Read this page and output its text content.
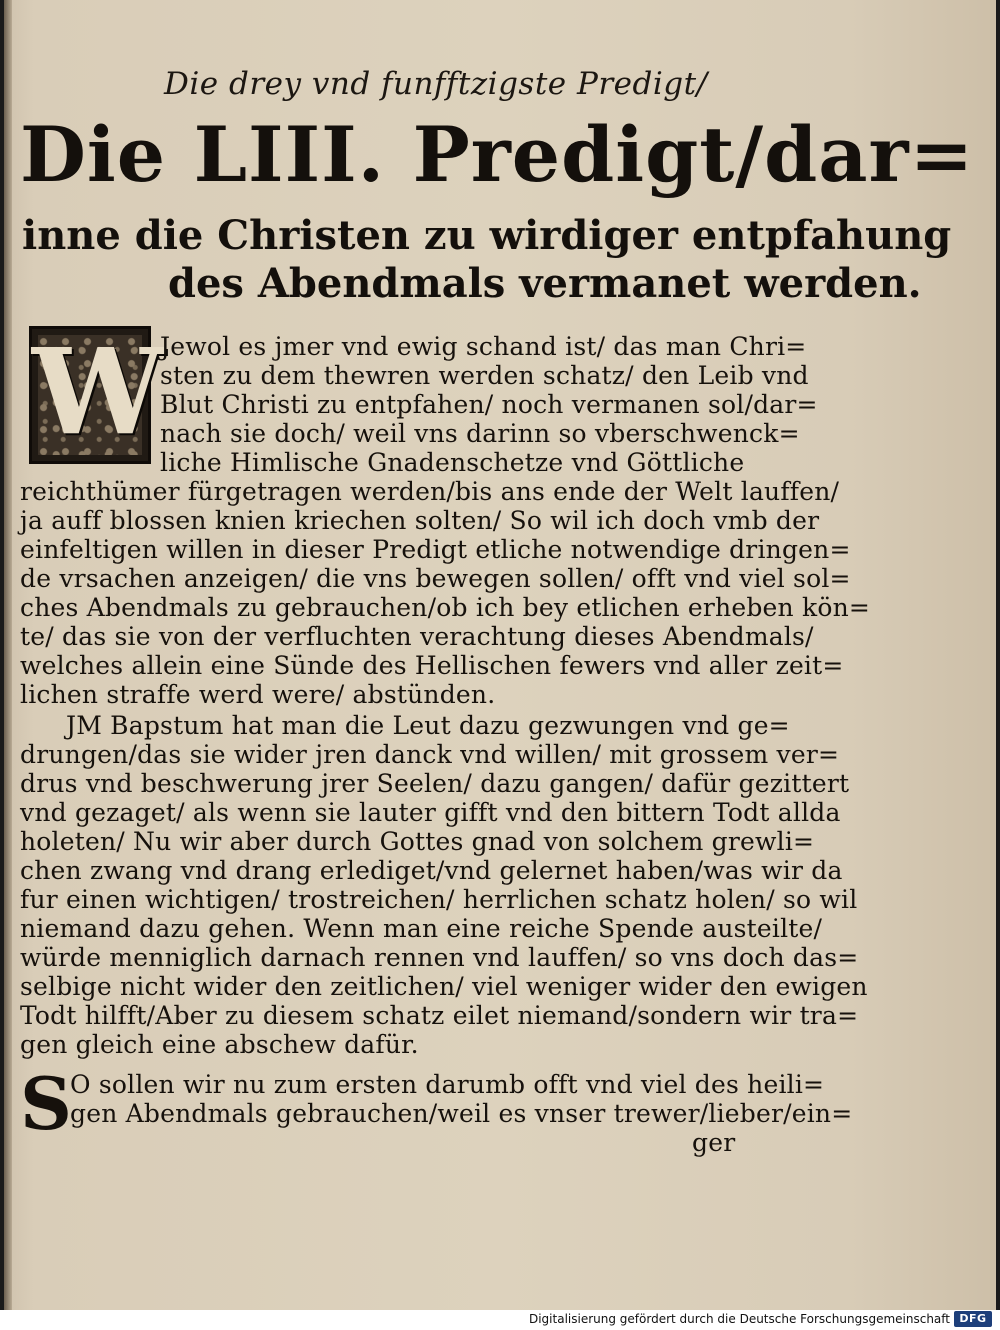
Die drey vnd funfftzigste Predigt/
Die LIII. Predigt/dar=
inne die Christen zu wirdiger entpfahung
des Abendmals vermanet werden.
W
Jewol es jmer vnd ewig schand ist/ das man Chri=
sten zu dem thewren werden schatz/ den Leib vnd
Blut Christi zu entpfahen/ noch vermanen sol/dar=
nach sie doch/ weil vns darinn so vberschwenck=
liche Himlische Gnadenschetze vnd Göttliche
reichthümer fürgetragen werden/bis ans ende der Welt lauffen/
ja auff blossen knien kriechen solten/ So wil ich doch vmb der
einfeltigen willen in dieser Predigt etliche notwendige dringen=
de vrsachen anzeigen/ die vns bewegen sollen/ offt vnd viel sol=
ches Abendmals zu gebrauchen/ob ich bey etlichen erheben kön=
te/ das sie von der verfluchten verachtung dieses Abendmals/
welches allein eine Sünde des Hellischen fewers vnd aller zeit=
lichen straffe werd were/ abstünden.
JM Bapstum hat man die Leut dazu gezwungen vnd ge=
drungen/das sie wider jren danck vnd willen/ mit grossem ver=
drus vnd beschwerung jrer Seelen/ dazu gangen/ dafür gezittert
vnd gezaget/ als wenn sie lauter gifft vnd den bittern Todt allda
holeten/ Nu wir aber durch Gottes gnad von solchem grewli=
chen zwang vnd drang erlediget/vnd gelernet haben/was wir da
fur einen wichtigen/ trostreichen/ herrlichen schatz holen/ so wil
niemand dazu gehen. Wenn man eine reiche Spende austeilte/
würde menniglich darnach rennen vnd lauffen/ so vns doch das=
selbige nicht wider den zeitlichen/ viel weniger wider den ewigen
Todt hilfft/Aber zu diesem schatz eilet niemand/sondern wir tra=
gen gleich eine abschew dafür.
S
O sollen wir nu zum ersten darumb offt vnd viel des heili=
gen Abendmals gebrauchen/weil es vnser trewer/lieber/ein=
ger
Digitalisierung gefördert durch die Deutsche Forschungsgemeinschaft DFG
